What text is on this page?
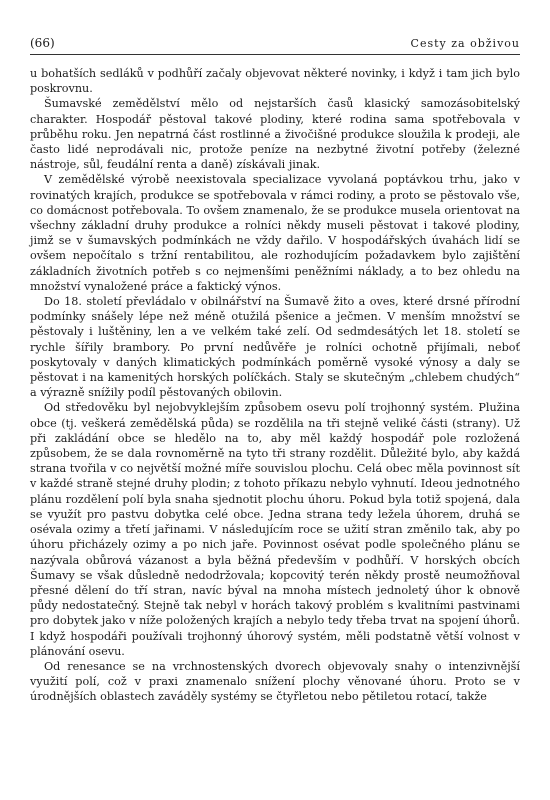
(66)	Cesty za obživou

u bohatších sedláků v podhůří začaly objevovat některé novinky, i když i tam jich bylo poskrovnu.

Šumavské zemědělství mělo od nejstarších časů klasický samozásobitelský charakter. Hospodář pěstoval takové plodiny, které rodina sama spotřebovala v průběhu roku. Jen nepatrná část rostlinné a živočišné produkce sloužila k prodeji, ale často lidé neprodávali nic, protože peníze na nezbytné životní potřeby (železné nástroje, sůl, feudální renta a daně) získávali jinak.

V zemědělské výrobě neexistovala specializace vyvolaná poptávkou trhu, jako v rovinatých krajích, produkce se spotřebovala v rámci rodiny, a proto se pěstovalo vše, co domácnost potřebovala. To ovšem znamenalo, že se produkce musela orientovat na všechny základní druhy produkce a rolníci někdy museli pěstovat i takové plodiny, jimž se v šumavských podmínkách ne vždy dařilo. V hospodářských úvahách lidí se ovšem nepočítalo s tržní rentabilitou, ale rozhodujícím požadavkem bylo zajištění základních životních potřeb s co nejmenšími peněžními náklady, a to bez ohledu na množství vynaložené práce a faktický výnos.

Do 18. století převládalo v obilnářství na Šumavě žito a oves, které drsné přírodní podmínky snášely lépe než méně otužilá pšenice a ječmen. V menším množství se pěstovaly i luštěniny, len a ve velkém také zelí. Od sedmdesátých let 18. století se rychle šířily brambory. Po první nedůvěře je rolníci ochotně přijímali, neboť poskytovaly v daných klimatických podmínkách poměrně vysoké výnosy a daly se pěstovat i na kamenitých horských políčkách. Staly se skutečným „chlebem chudých“ a výrazně snížily podíl pěstovaných obilovin.

Od středověku byl nejobvyklejším způsobem osevu polí trojhonný systém. Plužina obce (tj. veškerá zemědělská půda) se rozdělila na tři stejně veliké části (strany). Už při zakládání obce se hledělo na to, aby měl každý hospodář pole rozložená způsobem, že se dala rovnoměrně na tyto tři strany rozdělit. Důležité bylo, aby každá strana tvořila v co největší možné míře souvislou plochu. Celá obec měla povinnost sít v každé straně stejné druhy plodin; z tohoto příkazu nebylo vyhnutí. Ideou jednotného plánu rozdělení polí byla snaha sjednotit plochu úhoru. Pokud byla totiž spojená, dala se využít pro pastvu dobytka celé obce. Jedna strana tedy ležela úhorem, druhá se osévala ozimy a třetí jařinami. V následujícím roce se užití stran změnilo tak, aby po úhoru přicházely ozimy a po nich jaře. Povinnost osévat podle společného plánu se nazývala obůrová vázanost a byla běžná především v podhůří. V horských obcích Šumavy se však důsledně nedodržovala; kopcovitý terén někdy prostě neumožňoval přesné dělení do tří stran, navíc býval na mnoha místech jednoletý úhor k obnově půdy nedostatečný. Stejně tak nebyl v horách takový problém s kvalitními pastvinami pro dobytek jako v níže položených krajích a nebylo tedy třeba trvat na spojení úhorů. I když hospodáři používali trojhonný úhorový systém, měli podstatně větší volnost v plánování osevu.

Od renesance se na vrchnostenských dvorech objevovaly snahy o intenzivnější využití polí, což v praxi znamenalo snížení plochy věnované úhoru. Proto se v úrodnějších oblastech zaváděly systémy se čtyřletou nebo pětiletou rotací, takže
